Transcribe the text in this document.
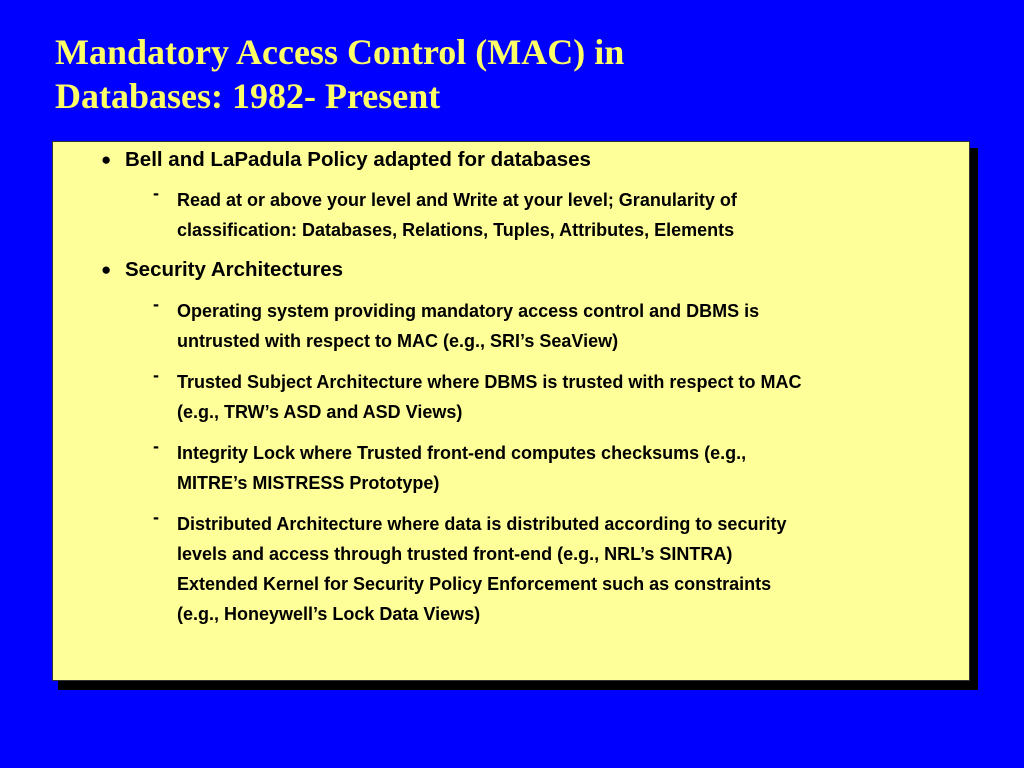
Mandatory Access Control (MAC) in
Databases: 1982- Present
● Bell and LaPadula Policy adapted for databases
- Read at or above your level and Write at your level; Granularity of
classification: Databases, Relations, Tuples, Attributes, Elements
● Security Architectures
- Operating system providing mandatory access control and DBMS is
untrusted with respect to MAC (e.g., SRI’s SeaView)
- Trusted Subject Architecture where DBMS is trusted with respect to MAC
(e.g., TRW’s ASD and ASD Views)
- Integrity Lock where Trusted front-end computes checksums (e.g.,
MITRE’s MISTRESS Prototype)
- Distributed Architecture where data is distributed according to security
levels and access through trusted front-end (e.g., NRL’s SINTRA)
Extended Kernel for Security Policy Enforcement such as constraints
(e.g., Honeywell’s Lock Data Views)
